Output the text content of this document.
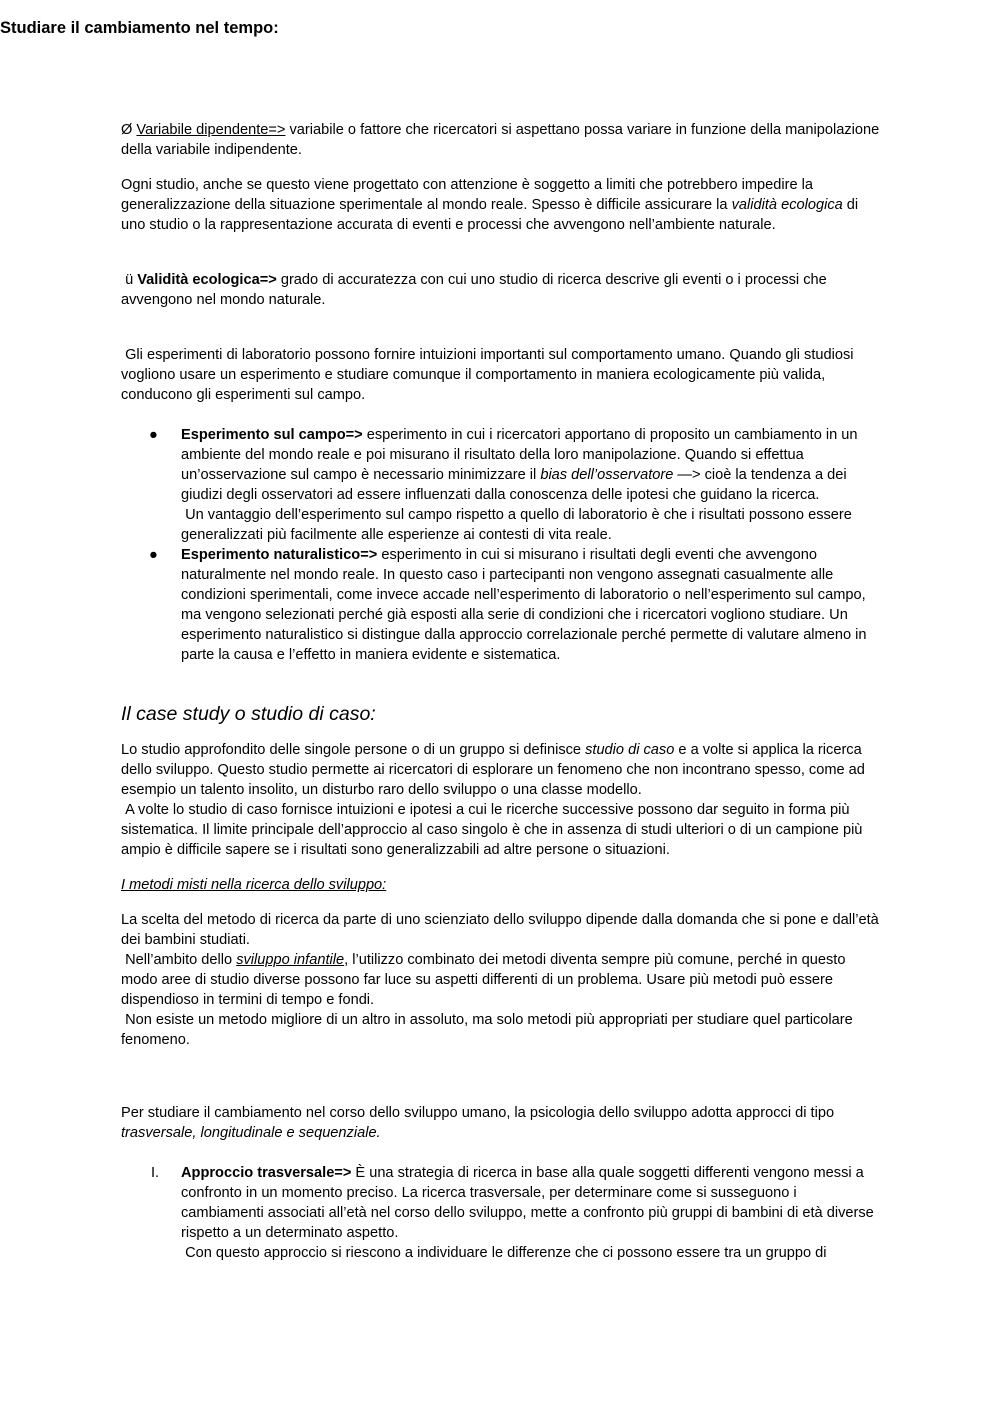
Ø Variabile dipendente=> variabile o fattore che ricercatori si aspettano possa variare in funzione della manipolazione della variabile indipendente.

Ogni studio, anche se questo viene progettato con attenzione è soggetto a limiti che potrebbero impedire la generalizzazione della situazione sperimentale al mondo reale. Spesso è difficile assicurare la validità ecologica di uno studio o la rappresentazione accurata di eventi e processi che avvengono nell’ambiente naturale.

ü Validità ecologica=> grado di accuratezza con cui uno studio di ricerca descrive gli eventi o i processi che avvengono nel mondo naturale.

Gli esperimenti di laboratorio possono fornire intuizioni importanti sul comportamento umano. Quando gli studiosi vogliono usare un esperimento e studiare comunque il comportamento in maniera ecologicamente più valida, conducono gli esperimenti sul campo.

● Esperimento sul campo=> esperimento in cui i ricercatori apportano di proposito un cambiamento in un ambiente del mondo reale e poi misurano il risultato della loro manipolazione. Quando si effettua un’osservazione sul campo è necessario minimizzare il bias dell’osservatore —> cioè la tendenza a dei giudizi degli osservatori ad essere influenzati dalla conoscenza delle ipotesi che guidano la ricerca.
Un vantaggio dell’esperimento sul campo rispetto a quello di laboratorio è che i risultati possono essere generalizzati più facilmente alle esperienze ai contesti di vita reale.

● Esperimento naturalistico=> esperimento in cui si misurano i risultati degli eventi che avvengono naturalmente nel mondo reale. In questo caso i partecipanti non vengono assegnati casualmente alle condizioni sperimentali, come invece accade nell’esperimento di laboratorio o nell’esperimento sul campo, ma vengono selezionati perché già esposti alla serie di condizioni che i ricercatori vogliono studiare. Un esperimento naturalistico si distingue dalla approccio correlazionale perché permette di valutare almeno in parte la causa e l’effetto in maniera evidente e sistematica.

Il case study o studio di caso:

Lo studio approfondito delle singole persone o di un gruppo si definisce studio di caso e a volte si applica la ricerca dello sviluppo. Questo studio permette ai ricercatori di esplorare un fenomeno che non incontrano spesso, come ad esempio un talento insolito, un disturbo raro dello sviluppo o una classe modello.
A volte lo studio di caso fornisce intuizioni e ipotesi a cui le ricerche successive possono dar seguito in forma più sistematica. Il limite principale dell’approccio al caso singolo è che in assenza di studi ulteriori o di un campione più ampio è difficile sapere se i risultati sono generalizzabili ad altre persone o situazioni.

I metodi misti nella ricerca dello sviluppo:

La scelta del metodo di ricerca da parte di uno scienziato dello sviluppo dipende dalla domanda che si pone e dall’età dei bambini studiati.
Nell’ambito dello sviluppo infantile, l’utilizzo combinato dei metodi diventa sempre più comune, perché in questo modo aree di studio diverse possono far luce su aspetti differenti di un problema. Usare più metodi può essere dispendioso in termini di tempo e fondi.
Non esiste un metodo migliore di un altro in assoluto, ma solo metodi più appropriati per studiare quel particolare fenomeno.

Studiare il cambiamento nel tempo:

Per studiare il cambiamento nel corso dello sviluppo umano, la psicologia dello sviluppo adotta approcci di tipo trasversale, longitudinale e sequenziale.

I. Approccio trasversale=> È una strategia di ricerca in base alla quale soggetti differenti vengono messi a confronto in un momento preciso. La ricerca trasversale, per determinare come si susseguono i cambiamenti associati all’età nel corso dello sviluppo, mette a confronto più gruppi di bambini di età diverse rispetto a un determinato aspetto.
Con questo approccio si riescono a individuare le differenze che ci possono essere tra un gruppo di
